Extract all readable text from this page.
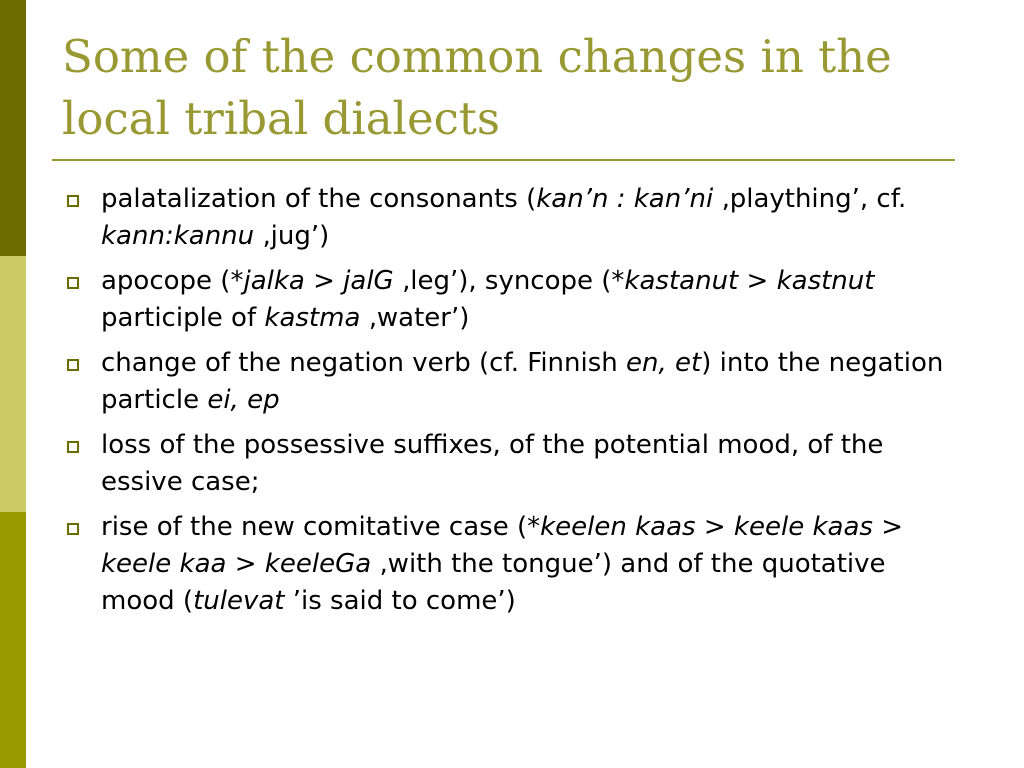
Some of the common changes in the
local tribal dialects
palatalization of the consonants (kan’n : kan’ni ‚plaything’, cf. kann:kannu ‚jug’)
apocope (*jalka > jalG ‚leg’), syncope (*kastanut > kastnut participle of kastma ‚water’)
change of the negation verb (cf. Finnish en, et) into the negation particle ei, ep
loss of the possessive suffixes, of the potential mood, of the essive case;
rise of the new comitative case (*keelen kaas > keele kaas > keele kaa > keeleGa ‚with the tongue’) and of the quotative mood (tulevat ’is said to come’)
